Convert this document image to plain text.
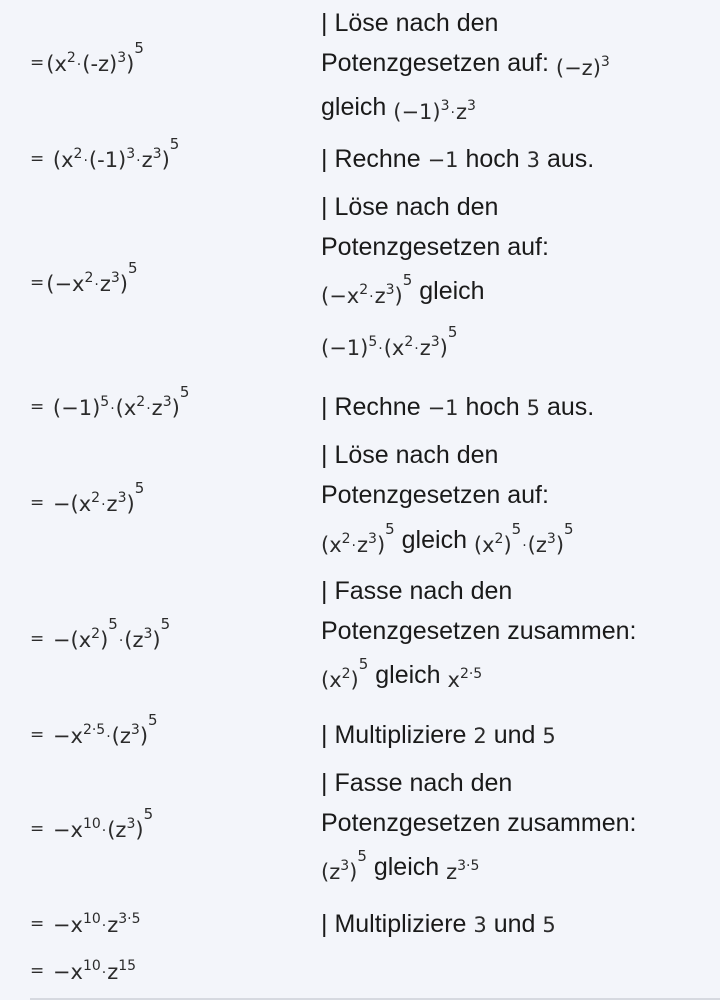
$=(x^2\cdot(-z)^3)^5$
| Löse nach den
Potenzgesetzen auf: $(-z)^3$
gleich $(-1)^3\cdot z^3$
= $(x^2\cdot(-1)^3\cdot z^3)^5$
| Rechne −1 hoch 3 aus.
$=(-x^2\cdot z^3)^5$
| Löse nach den
Potenzgesetzen auf:
$(-x^2\cdot z^3)^5$ gleich
$(-1)^5\cdot(x^2\cdot z^3)^5$
= $(-1)^5\cdot(x^2\cdot z^3)^5$
| Rechne −1 hoch 5 aus.
= $-(x^2\cdot z^3)^5$
| Löse nach den
Potenzgesetzen auf:
$(x^2\cdot z^3)^5$ gleich $(x^2)^5\cdot(z^3)^5$
= $-(x^2)^5\cdot(z^3)^5$
| Fasse nach den
Potenzgesetzen zusammen:
$(x^2)^5$ gleich $x^{2\cdot 5}$
= $-x^{2\cdot 5}\cdot(z^3)^5$
| Multipliziere 2 und 5
= $-x^{10}\cdot(z^3)^5$
| Fasse nach den
Potenzgesetzen zusammen:
$(z^3)^5$ gleich $z^{3\cdot 5}$
= $-x^{10}\cdot z^{3\cdot 5}$	| Multipliziere 3 und 5
= $-x^{10}\cdot z^{15}$
